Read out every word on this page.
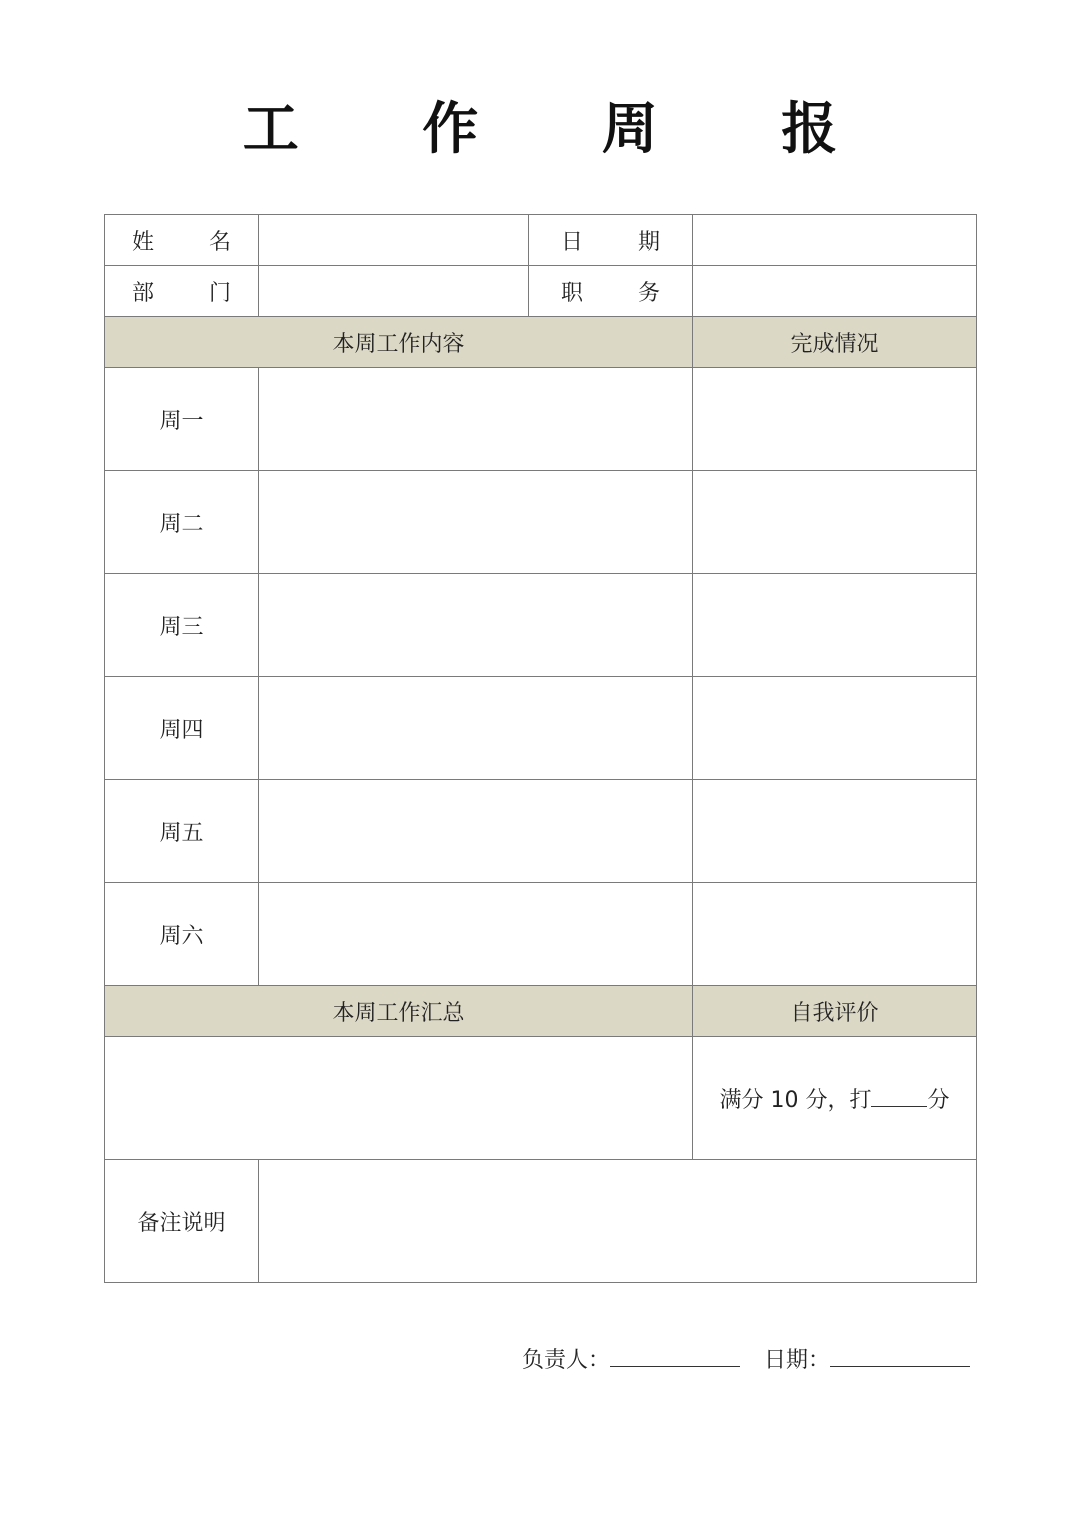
工 作 周 报
姓 名		日 期	
部 门		职 务	
本周工作内容			完成情况
周一			
周二			
周三			
周四			
周五			
周六			
本周工作汇总			自我评价
			满分 10 分，打 分
备注说明			
负责人：	日期：
